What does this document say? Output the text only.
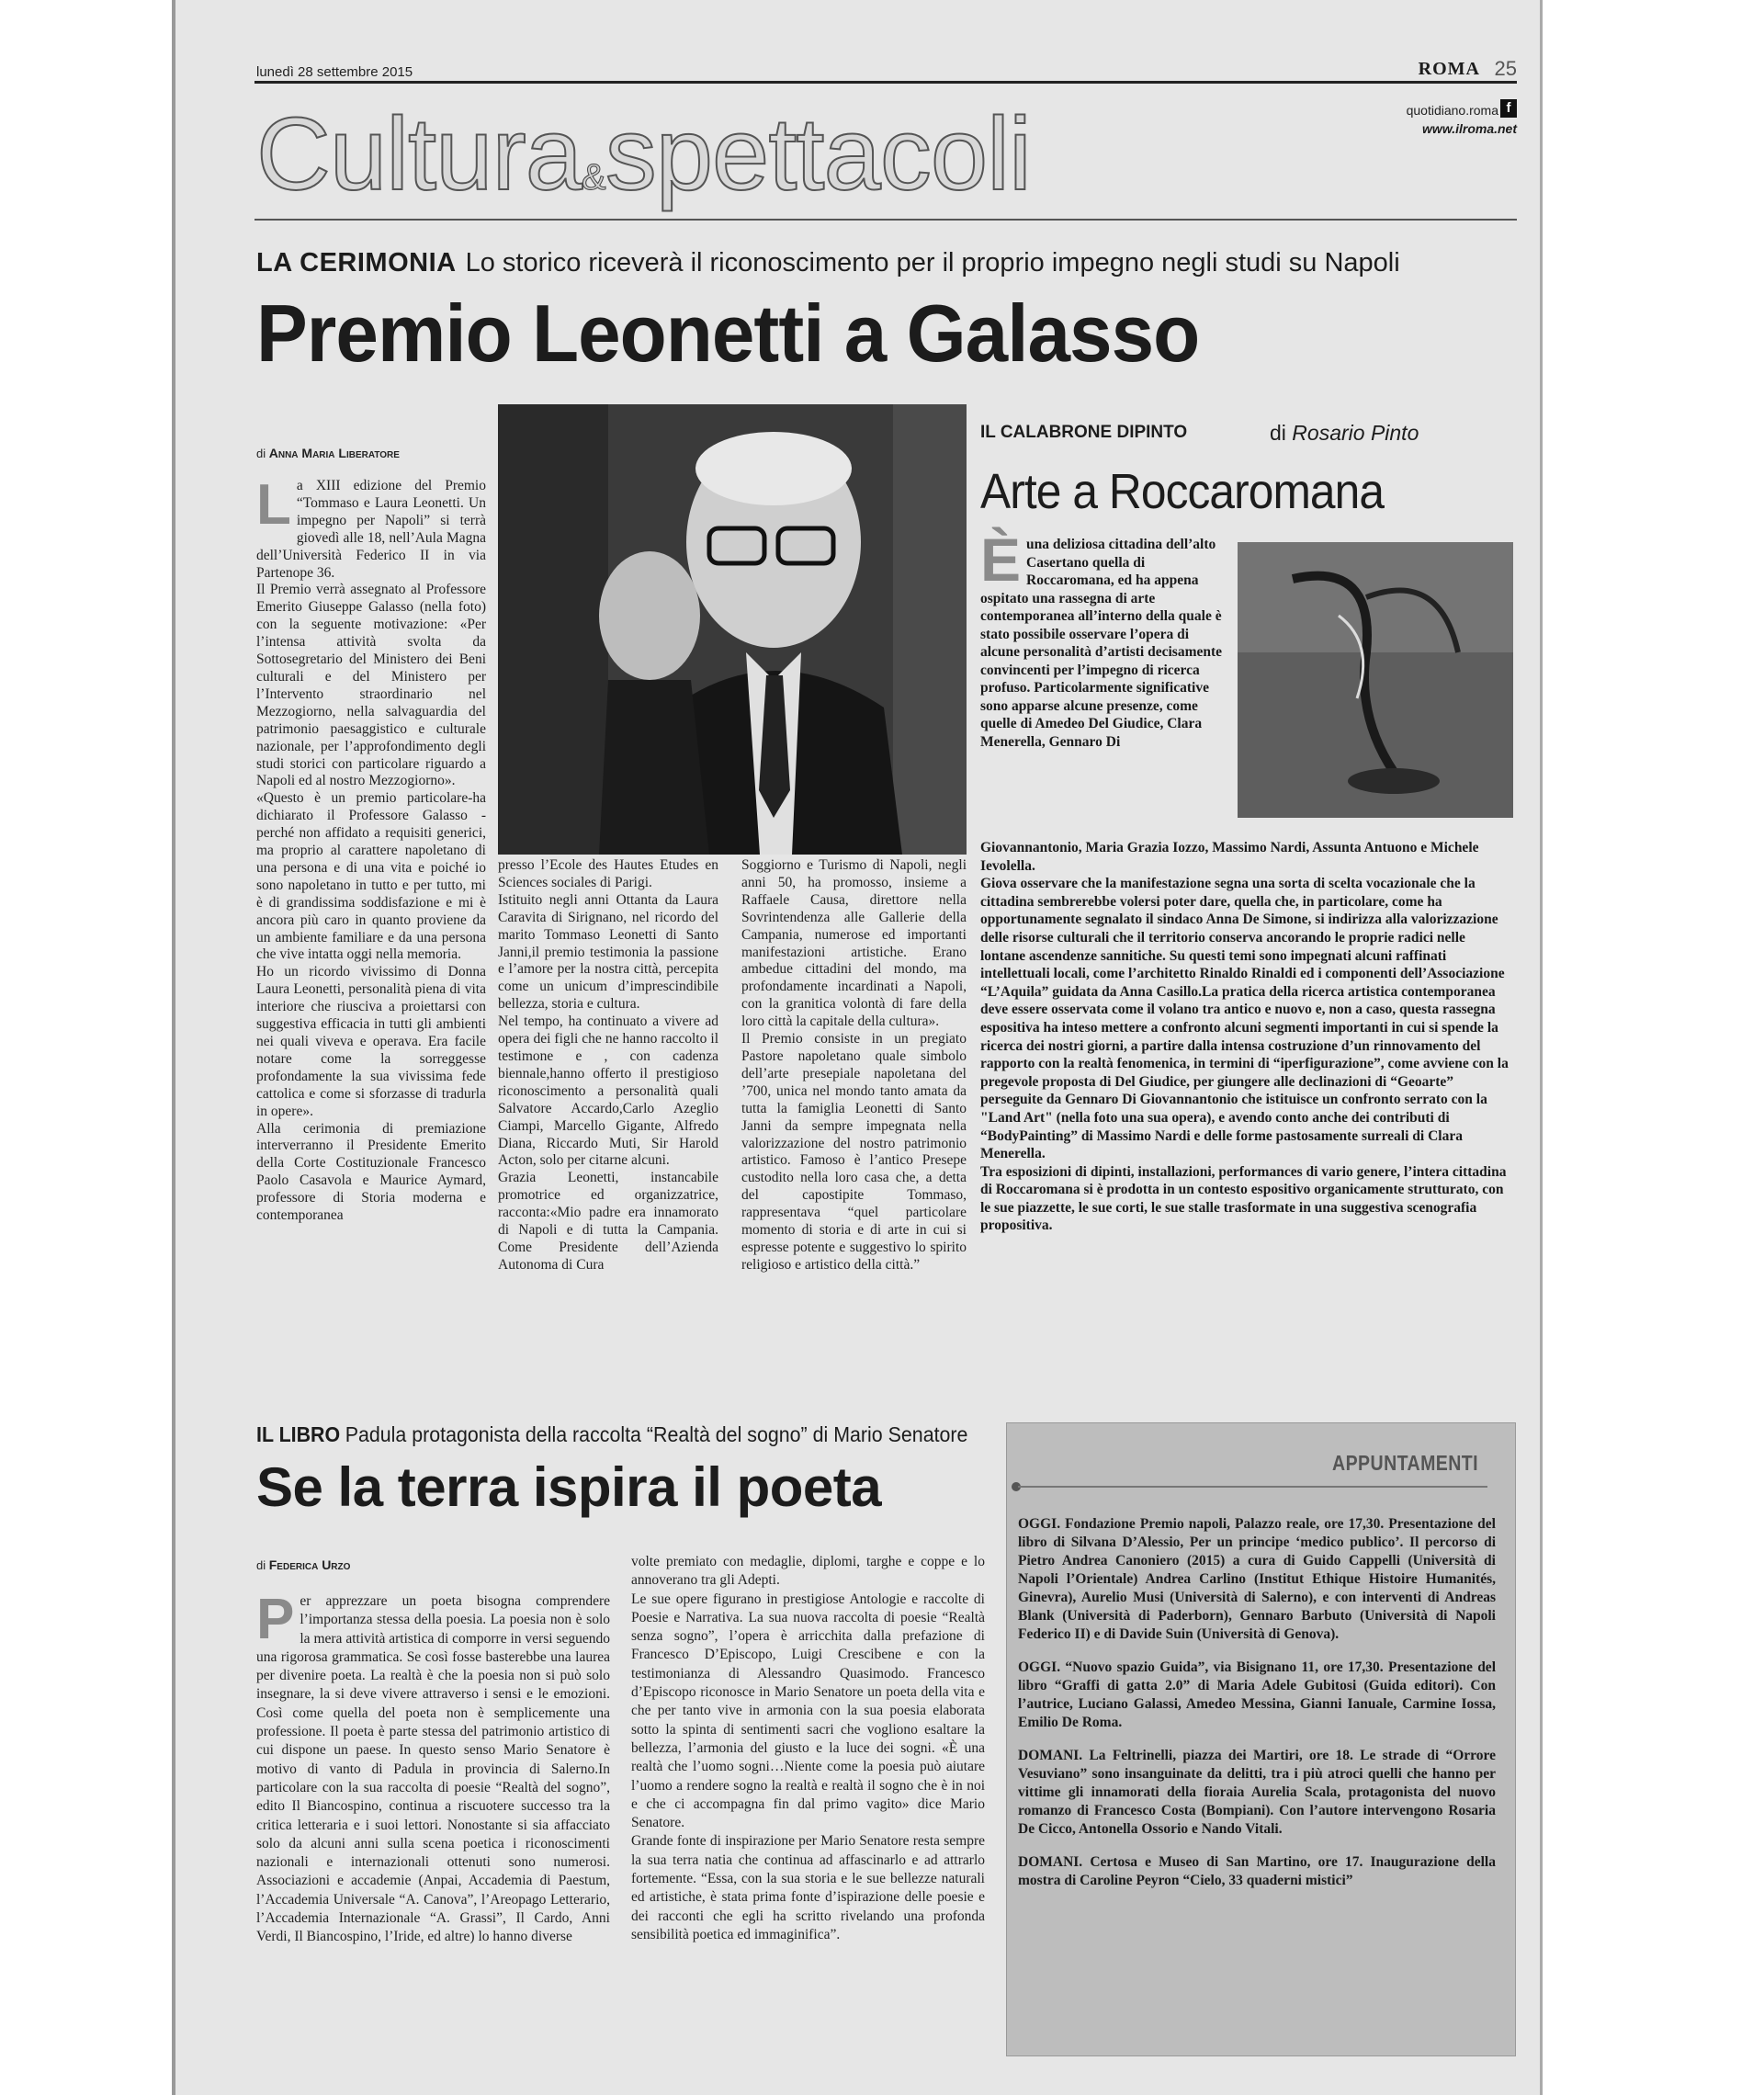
lunedì 28 settembre 2015	ROMA 25
quotidiano.roma f
www.ilroma.net
Cultura&spettacoli
LA CERIMONIA Lo storico riceverà il riconoscimento per il proprio impegno negli studi su Napoli
Premio Leonetti a Galasso
di Anna Maria Liberatore
L a XIII edizione del Premio “Tommaso e Laura Leonetti. Un impegno per Napoli” si terrà giovedì alle 18, nell’Aula Magna dell’Università Federico II in via Partenope 36.

Il Premio verrà assegnato al Professore Emerito Giuseppe Galasso (nella foto) con la seguente motivazione: «Per l’intensa attività svolta da Sottosegretario del Ministero dei Beni culturali e del Ministero per l’Intervento straordinario nel Mezzogiorno, nella salvaguardia del patrimonio paesaggistico e culturale nazionale, per l’approfondimento degli studi storici con particolare riguardo a Napoli ed al nostro Mezzogiorno».

«Questo è un premio particolare-ha dichiarato il Professore Galasso - perché non affidato a requisiti generici, ma proprio al carattere napoletano di una persona e di una vita e poiché io sono napoletano in tutto e per tutto, mi è di grandissima soddisfazione e mi è ancora più caro in quanto proviene da un ambiente familiare e da una persona che vive intatta oggi nella memoria.

Ho un ricordo vivissimo di Donna Laura Leonetti, personalità piena di vita interiore che riusciva a proiettarsi con suggestiva efficacia in tutti gli ambienti nei quali viveva e operava. Era facile notare come la sorreggesse profondamente la sua vivissima fede cattolica e come si sforzasse di tradurla in opere».

Alla cerimonia di premiazione interverranno il Presidente Emerito della Corte Costituzionale Francesco Paolo Casavola e Maurice Aymard, professore di Storia moderna e contemporanea

presso l’Ecole des Hautes Etudes en Sciences sociales di Parigi.

Istituito negli anni Ottanta da Laura Caravita di Sirignano, nel ricordo del marito Tommaso Leonetti di Santo Janni,il premio testimonia la passione e l’amore per la nostra città, percepita come un unicum d’imprescindibile bellezza, storia e cultura.

Nel tempo, ha continuato a vivere ad opera dei figli che ne hanno raccolto il testimone e , con cadenza biennale,hanno offerto il prestigioso riconoscimento a personalità quali Salvatore Accardo,Carlo Azeglio Ciampi, Marcello Gigante, Alfredo Diana, Riccardo Muti, Sir Harold Acton, solo per citarne alcuni.

Grazia Leonetti, instancabile promotrice ed organizzatrice, racconta:«Mio padre era innamorato di Napoli e di tutta la Campania. Come Presidente dell’Azienda Autonoma di Cura

Soggiorno e Turismo di Napoli, negli anni 50, ha promosso, insieme a Raffaele Causa, direttore nella Sovrintendenza alle Gallerie della Campania, numerose ed importanti manifestazioni artistiche. Erano ambedue cittadini del mondo, ma profondamente incardinati a Napoli, con la granitica volontà di fare della loro città la capitale della cultura».

Il Premio consiste in un pregiato Pastore napoletano quale simbolo dell’arte presepiale napoletana del ’700, unica nel mondo tanto amata da tutta la famiglia Leonetti di Santo Janni da sempre impegnata nella valorizzazione del nostro patrimonio artistico. Famoso è l’antico Presepe custodito nella loro casa che, a detta del capostipite Tommaso, rappresentava “quel particolare momento di storia e di arte in cui si espresse potente e suggestivo lo spirito religioso e artistico della città.”

IL CALABRONE DIPINTO	di Rosario Pinto
Arte a Roccaromana
È una deliziosa cittadina dell’alto Casertano quella di Roccaromana, ed ha appena ospitato una rassegna di arte contemporanea all’interno della quale è stato possibile osservare l’opera di alcune personalità d’artisti decisamente convincenti per l’impegno di ricerca profuso. Particolarmente significative sono apparse alcune presenze, come quelle di Amedeo Del Giudice, Clara Menerella, Gennaro Di

Giovannantonio, Maria Grazia Iozzo, Massimo Nardi, Assunta Antuono e Michele Ievolella.

Giova osservare che la manifestazione segna una sorta di scelta vocazionale che la cittadina sembrerebbe volersi poter dare, quella che, in particolare, come ha opportunamente segnalato il sindaco Anna De Simone, si indirizza alla valorizzazione delle risorse culturali che il territorio conserva ancorando le proprie radici nelle lontane ascendenze sannitiche. Su questi temi sono impegnati alcuni raffinati intellettuali locali, come l’architetto Rinaldo Rinaldi ed i componenti dell’Associazione “L’Aquila” guidata da Anna Casillo.La pratica della ricerca artistica contemporanea deve essere osservata come il volano tra antico e nuovo e, non a caso, questa rassegna espositiva ha inteso mettere a confronto alcuni segmenti importanti in cui si spende la ricerca dei nostri giorni, a partire dalla intensa costruzione d’un rinnovamento del rapporto con la realtà fenomenica, in termini di “iperfigurazione”, come avviene con la pregevole proposta di Del Giudice, per giungere alle declinazioni di “Geoarte” perseguite da Gennaro Di Giovannantonio che istituisce un confronto serrato con la "Land Art" (nella foto una sua opera), e avendo conto anche dei contributi di “BodyPainting” di Massimo Nardi e delle forme pastosamente surreali di Clara Menerella.

Tra esposizioni di dipinti, installazioni, performances di vario genere, l’intera cittadina di Roccaromana si è prodotta in un contesto espositivo organicamente strutturato, con le sue piazzette, le sue corti, le sue stalle trasformate in una suggestiva scenografia propositiva.

IL LIBRO Padula protagonista della raccolta “Realtà del sogno” di Mario Senatore
Se la terra ispira il poeta
di Federica Urzo
P er apprezzare un poeta bisogna comprendere l’importanza stessa della poesia. La poesia non è solo la mera attività artistica di comporre in versi seguendo una rigorosa grammatica. Se così fosse basterebbe una laurea per divenire poeta. La realtà è che la poesia non si può solo insegnare, la si deve vivere attraverso i sensi e le emozioni. Così come quella del poeta non è semplicemente una professione. Il poeta è parte stessa del patrimonio artistico di cui dispone un paese. In questo senso Mario Senatore è motivo di vanto di Padula in provincia di Salerno.In particolare con la sua raccolta di poesie “Realtà del sogno”, edito Il Biancospino, continua a riscuotere successo tra la critica letteraria e i suoi lettori. Nonostante si sia affacciato solo da alcuni anni sulla scena poetica i riconoscimenti nazionali e internazionali ottenuti sono numerosi. Associazioni e accademie (Anpai, Accademia di Paestum, l’Accademia Universale “A. Canova”, l’Areopago Letterario, l’Accademia Internazionale “A. Grassi”, Il Cardo, Anni Verdi, Il Biancospino, l’Iride, ed altre) lo hanno diverse

volte premiato con medaglie, diplomi, targhe e coppe e lo annoverano tra gli Adepti.

Le sue opere figurano in prestigiose Antologie e raccolte di Poesie e Narrativa. La sua nuova raccolta di poesie “Realtà senza sogno”, l’opera è arricchita dalla prefazione di Francesco D’Episcopo, Luigi Crescibene e con la testimonianza di Alessandro Quasimodo. Francesco d’Episcopo riconosce in Mario Senatore un poeta della vita e che per tanto vive in armonia con la sua poesia elaborata sotto la spinta di sentimenti sacri che vogliono esaltare la bellezza, l’armonia del giusto e la luce dei sogni. «È una realtà che l’uomo sogni…Niente come la poesia può aiutare l’uomo a rendere sogno la realtà e realtà il sogno che è in noi e che ci accompagna fin dal primo vagito» dice Mario Senatore.

Grande fonte di inspirazione per Mario Senatore resta sempre la sua terra natia che continua ad affascinarlo e ad attrarlo fortemente. “Essa, con la sua storia e le sue bellezze naturali ed artistiche, è stata prima fonte d’ispirazione delle poesie e dei racconti che egli ha scritto rivelando una profonda sensibilità poetica ed immaginifica”.

APPUNTAMENTI

OGGI. Fondazione Premio napoli, Palazzo reale, ore 17,30. Presentazione del libro di Silvana D’Alessio, Per un principe ‘medico publico’. Il percorso di Pietro Andrea Canoniero (2015) a cura di Guido Cappelli (Università di Napoli l’Orientale) Andrea Carlino (Institut Ethique Histoire Humanités, Ginevra), Aurelio Musi (Università di Salerno), e con interventi di Andreas Blank (Università di Paderborn), Gennaro Barbuto (Università di Napoli Federico II) e di Davide Suin (Università di Genova).

OGGI. “Nuovo spazio Guida”, via Bisignano 11, ore 17,30. Presentazione del libro “Graffi di gatta 2.0” di Maria Adele Gubitosi (Guida editori). Con l’autrice, Luciano Galassi, Amedeo Messina, Gianni Ianuale, Carmine Iossa, Emilio De Roma.

DOMANI. La Feltrinelli, piazza dei Martiri, ore 18. Le strade di “Orrore Vesuviano” sono insanguinate da delitti, tra i più atroci quelli che hanno per vittime gli innamorati della fioraia Aurelia Scala, protagonista del nuovo romanzo di Francesco Costa (Bompiani). Con l’autore intervengono Rosaria De Cicco, Antonella Ossorio e Nando Vitali.

DOMANI. Certosa e Museo di San Martino, ore 17. Inaugurazione della mostra di Caroline Peyron “Cielo, 33 quaderni mistici”
